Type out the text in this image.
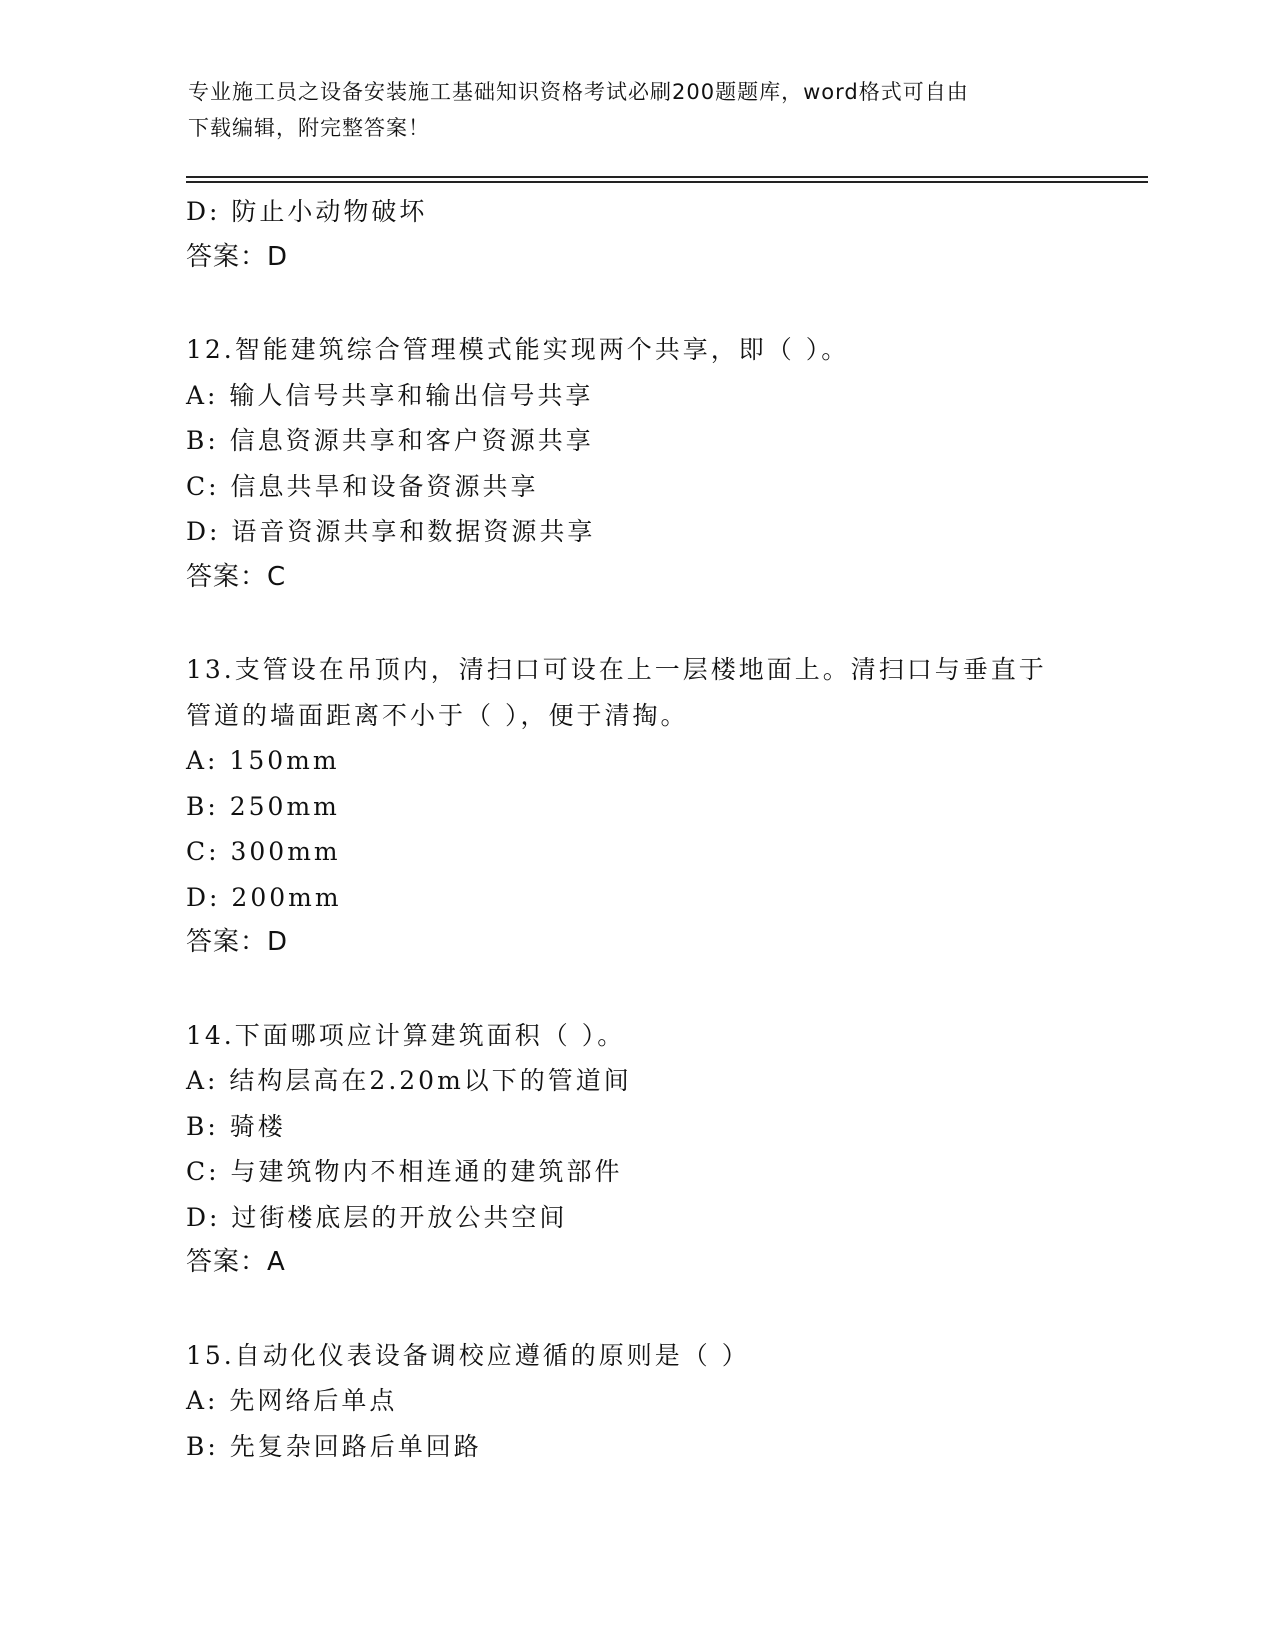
专业施工员之设备安装施工基础知识资格考试必刷200题题库，word格式可自由
下载编辑，附完整答案！
D: 防止小动物破坏
答案：D
12.智能建筑综合管理模式能实现两个共享，即（ ）。
A: 输人信号共享和输出信号共享
B: 信息资源共享和客户资源共享
C: 信息共旱和设备资源共享
D: 语音资源共享和数据资源共享
答案：C
13.支管设在吊顶内，清扫口可设在上一层楼地面上。清扫口与垂直于
管道的墙面距离不小于（ ），便于清掏。
A: 150mm
B: 250mm
C: 300mm
D: 200mm
答案：D
14.下面哪项应计算建筑面积（ ）。
A: 结构层高在2.20m以下的管道间
B: 骑楼
C: 与建筑物内不相连通的建筑部件
D: 过街楼底层的开放公共空间
答案：A
15.自动化仪表设备调校应遵循的原则是（ ）
A: 先网络后单点
B: 先复杂回路后单回路
